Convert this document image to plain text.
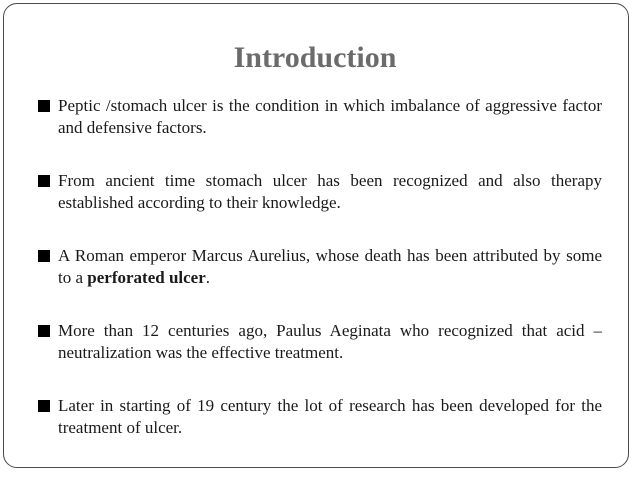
Introduction
Peptic /stomach ulcer is the condition in which imbalance of aggressive factor and defensive factors.
From ancient time stomach ulcer has been recognized and also therapy established according to their knowledge.
A Roman emperor Marcus Aurelius, whose death has been attributed by some to a perforated ulcer.
More than 12 centuries ago, Paulus Aeginata who recognized that acid – neutralization was the effective treatment.
Later in starting of 19 century the lot of research has been developed for the treatment of ulcer.
